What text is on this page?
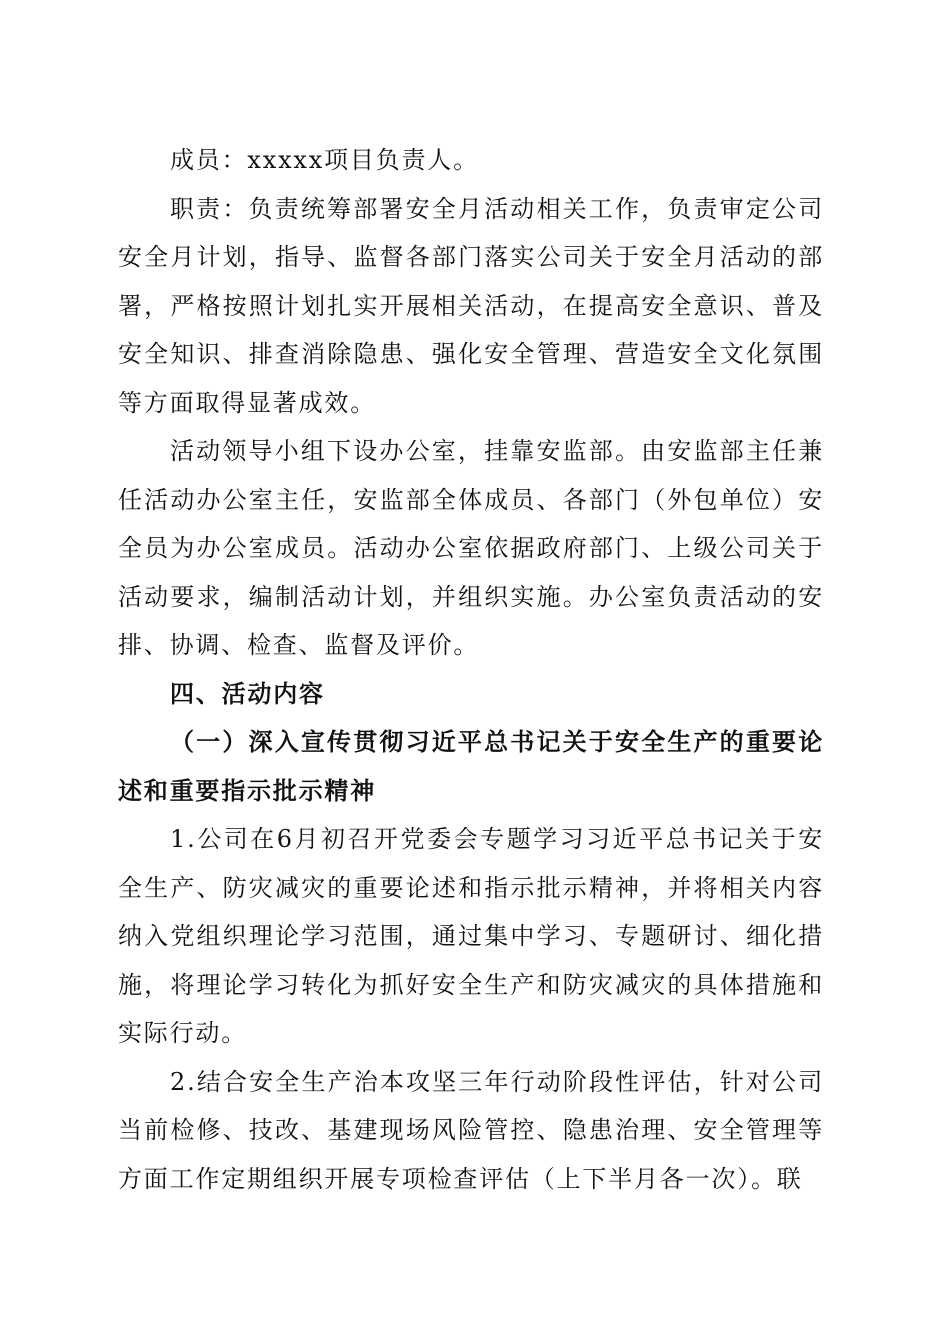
成员：xxxxx项目负责人。

职责：负责统筹部署安全月活动相关工作，负责审定公司安全月计划，指导、监督各部门落实公司关于安全月活动的部署，严格按照计划扎实开展相关活动，在提高安全意识、普及安全知识、排查消除隐患、强化安全管理、营造安全文化氛围等方面取得显著成效。

活动领导小组下设办公室，挂靠安监部。由安监部主任兼任活动办公室主任，安监部全体成员、各部门（外包单位）安全员为办公室成员。活动办公室依据政府部门、上级公司关于活动要求，编制活动计划，并组织实施。办公室负责活动的安排、协调、检查、监督及评价。

四、活动内容

（一）深入宣传贯彻习近平总书记关于安全生产的重要论述和重要指示批示精神

1.公司在6月初召开党委会专题学习习近平总书记关于安全生产、防灾减灾的重要论述和指示批示精神，并将相关内容纳入党组织理论学习范围，通过集中学习、专题研讨、细化措施，将理论学习转化为抓好安全生产和防灾减灾的具体措施和实际行动。

2.结合安全生产治本攻坚三年行动阶段性评估，针对公司当前检修、技改、基建现场风险管控、隐患治理、安全管理等方面工作定期组织开展专项检查评估（上下半月各一次）。联
